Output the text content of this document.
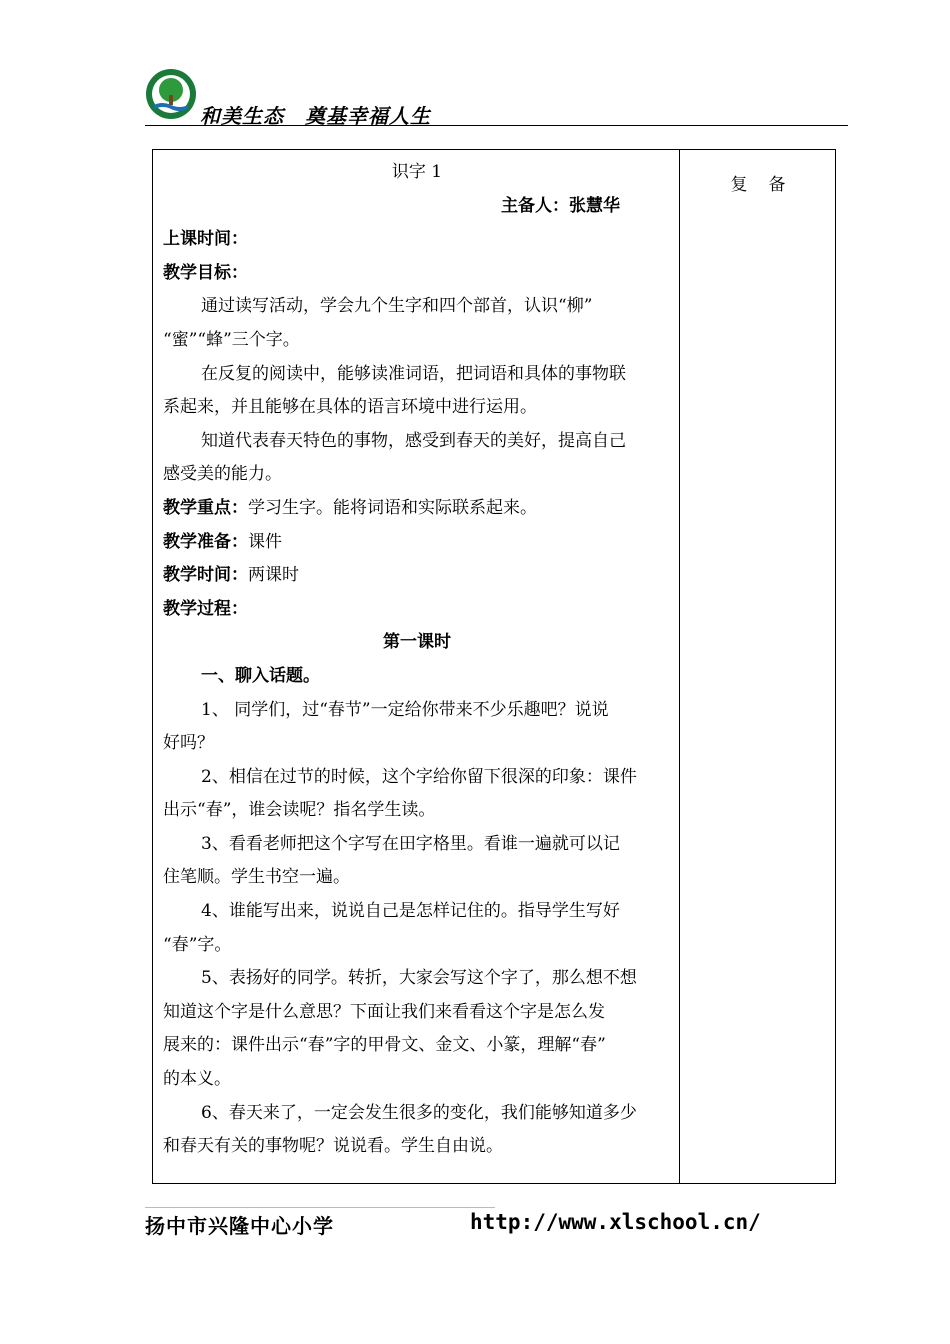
和美生态　奠基幸福人生
复　备
识字 1
主备人：张慧华
上课时间：
教学目标：
通过读写活动，学会九个生字和四个部首，认识“柳”
“蜜”“蜂”三个字。
在反复的阅读中，能够读准词语，把词语和具体的事物联
系起来，并且能够在具体的语言环境中进行运用。
知道代表春天特色的事物，感受到春天的美好，提高自己
感受美的能力。
教学重点：学习生字。能将词语和实际联系起来。
教学准备：课件
教学时间：两课时
教学过程：
第一课时
一、聊入话题。
1、 同学们，过“春节”一定给你带来不少乐趣吧？说说
好吗？
2、相信在过节的时候，这个字给你留下很深的印象：课件
出示“春”，谁会读呢？指名学生读。
3、看看老师把这个字写在田字格里。看谁一遍就可以记
住笔顺。学生书空一遍。
4、谁能写出来，说说自己是怎样记住的。指导学生写好
“春”字。
5、表扬好的同学。转折，大家会写这个字了，那么想不想
知道这个字是什么意思？下面让我们来看看这个字是怎么发
展来的：课件出示“春”字的甲骨文、金文、小篆，理解“春”
的本义。
6、春天来了，一定会发生很多的变化，我们能够知道多少
和春天有关的事物呢？说说看。学生自由说。
扬中市兴隆中心小学	http://www.xlschool.cn/
